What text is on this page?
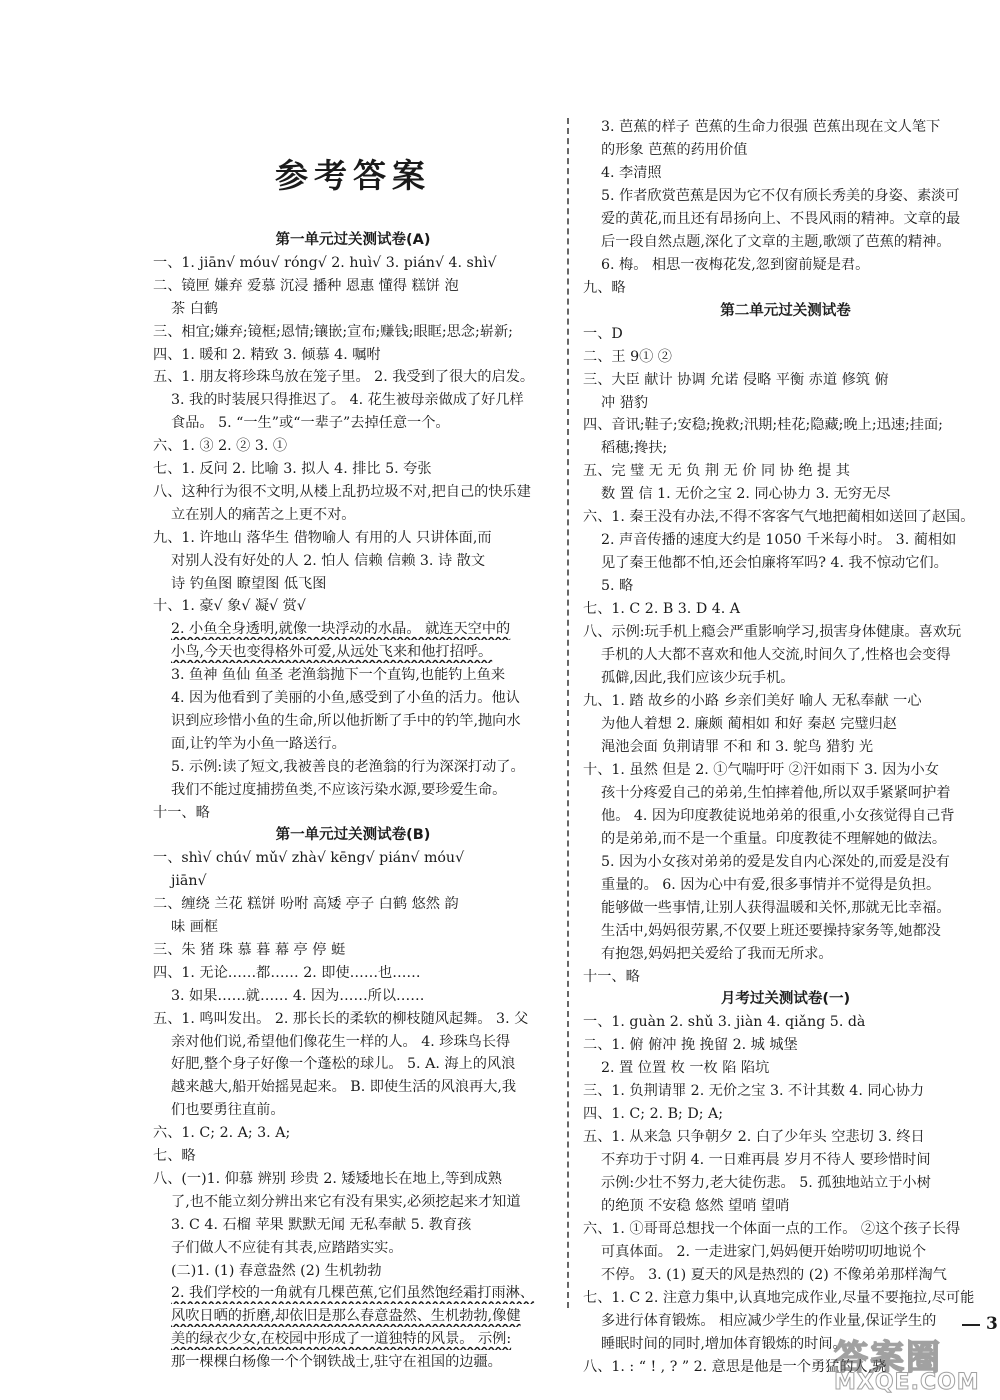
参考答案
第一单元过关测试卷(A)
一、1. jiān√ móu√ róng√ 2. huì√ 3. pián√ 4. shì√
二、镜匣 嫌弃 爱慕 沉浸 播种 恩惠 懂得 糕饼 泡
茶 白鹤
三、相宜;嫌弃;镜框;恩情;镶嵌;宣布;赚钱;眼眶;思念;崭新;
四、1. 暖和 2. 精致 3. 倾慕 4. 嘱咐
五、1. 朋友将珍珠鸟放在笼子里。 2. 我受到了很大的启发。
3. 我的时装展只得推迟了。 4. 花生被母亲做成了好几样
食品。 5. “一生”或“一辈子”去掉任意一个。
六、1. ③ 2. ② 3. ①
七、1. 反问 2. 比喻 3. 拟人 4. 排比 5. 夸张
八、这种行为很不文明,从楼上乱扔垃圾不对,把自己的快乐建
立在别人的痛苦之上更不对。
九、1. 许地山 落华生 借物喻人 有用的人 只讲体面,而
对别人没有好处的人 2. 怕人 信赖 信赖 3. 诗 散文
诗 钓鱼图 瞭望图 低飞图
十、1. 豪√ 象√ 凝√ 赏√
2. 小鱼全身透明,就像一块浮动的水晶。 就连天空中的
小鸟,今天也变得格外可爱,从远处飞来和他打招呼。
3. 鱼神 鱼仙 鱼圣 老渔翁抛下一个直钩,也能钓上鱼来
4. 因为他看到了美丽的小鱼,感受到了小鱼的活力。他认
识到应珍惜小鱼的生命,所以他折断了手中的钓竿,抛向水
面,让钓竿为小鱼一路送行。
5. 示例:读了短文,我被善良的老渔翁的行为深深打动了。
我们不能过度捕捞鱼类,不应该污染水源,要珍爱生命。
十一、略
第一单元过关测试卷(B)
一、shì√ chú√ mǔ√ zhà√ kēng√ pián√ móu√
jiān√
二、缠绕 兰花 糕饼 吩咐 高矮 亭子 白鹤 悠然 韵
味 画框
三、朱 猪 珠 慕 暮 幕 亭 停 蜓
四、1. 无论……都…… 2. 即使……也……
3. 如果……就…… 4. 因为……所以……
五、1. 鸣叫发出。 2. 那长长的柔软的柳枝随风起舞。 3. 父
亲对他们说,希望他们像花生一样的人。 4. 珍珠鸟长得
好肥,整个身子好像一个蓬松的球儿。 5. A. 海上的风浪
越来越大,船开始摇晃起来。 B. 即使生活的风浪再大,我
们也要勇往直前。
六、1. C; 2. A; 3. A;
七、略
八、(一)1. 仰慕 辨别 珍贵 2. 矮矮地长在地上,等到成熟
了,也不能立刻分辨出来它有没有果实,必须挖起来才知道
3. C 4. 石榴 苹果 默默无闻 无私奉献 5. 教育孩
子们做人不应徒有其表,应踏踏实实。
(二)1. (1) 春意盎然 (2) 生机勃勃
2. 我们学校的一角就有几棵芭蕉,它们虽然饱经霜打雨淋、
风吹日晒的折磨,却依旧是那么春意盎然、生机勃勃,像健
美的绿衣少女,在校园中形成了一道独特的风景。 示例:
那一棵棵白杨像一个个钢铁战士,驻守在祖国的边疆。
3. 芭蕉的样子 芭蕉的生命力很强 芭蕉出现在文人笔下
的形象 芭蕉的药用价值
4. 李清照
5. 作者欣赏芭蕉是因为它不仅有颀长秀美的身姿、素淡可
爱的黄花,而且还有昂扬向上、不畏风雨的精神。文章的最
后一段自然点题,深化了文章的主题,歌颂了芭蕉的精神。
6. 梅。 相思一夜梅花发,忽到窗前疑是君。
九、略
第二单元过关测试卷
一、D
二、王 9① ②
三、大臣 献计 协调 允诺 侵略 平衡 赤道 修筑 俯
冲 猎豹
四、音讯;鞋子;安稳;挽救;汛期;桂花;隐藏;晚上;迅速;挂面;
稻穗;搀扶;
五、完 璧 无 无 负 荆 无 价 同 协 绝 提 其
数 置 信 1. 无价之宝 2. 同心协力 3. 无穷无尽
六、1. 秦王没有办法,不得不客客气气地把蔺相如送回了赵国。
2. 声音传播的速度大约是 1050 千米每小时。 3. 蔺相如
见了秦王他都不怕,还会怕廉将军吗? 4. 我不惊动它们。
5. 略
七、1. C 2. B 3. D 4. A
八、示例:玩手机上瘾会严重影响学习,损害身体健康。喜欢玩
手机的人大都不喜欢和他人交流,时间久了,性格也会变得
孤僻,因此,我们应该少玩手机。
九、1. 踏 故乡的小路 乡亲们美好 喻人 无私奉献 一心
为他人着想 2. 廉颇 蔺相如 和好 秦赵 完璧归赵
渑池会面 负荆请罪 不和 和 3. 鸵鸟 猎豹 光
十、1. 虽然 但是 2. ①气喘吁吁 ②汗如雨下 3. 因为小女
孩十分疼爱自己的弟弟,生怕摔着他,所以双手紧紧呵护着
他。 4. 因为印度教徒说地弟弟的很重,小女孩觉得自己背
的是弟弟,而不是一个重量。印度教徒不理解她的做法。
5. 因为小女孩对弟弟的爱是发自内心深处的,而爱是没有
重量的。 6. 因为心中有爱,很多事情并不觉得是负担。
能够做一些事情,让别人获得温暖和关怀,那就无比幸福。
生活中,妈妈很劳累,不仅要上班还要操持家务等,她都没
有抱怨,妈妈把关爱给了我而无所求。
十一、略
月考过关测试卷(一)
一、1. guàn 2. shǔ 3. jiàn 4. qiǎng 5. dà
二、1. 俯 俯冲 挽 挽留 2. 城 城堡
2. 置 位置 枚 一枚 陷 陷坑
三、1. 负荆请罪 2. 无价之宝 3. 不计其数 4. 同心协力
四、1. C; 2. B; D; A;
五、1. 从来急 只争朝夕 2. 白了少年头 空悲切 3. 终日
不弃功于寸阴 4. 一日难再晨 岁月不待人 要珍惜时间
示例:少壮不努力,老大徒伤悲。 5. 孤独地站立于小树
的绝顶 不安稳 悠然 望哨 望哨
六、1. ①哥哥总想找一个体面一点的工作。 ②这个孩子长得
可真体面。 2. 一走进家门,妈妈便开始唠叨叨地说个
不停。 3. (1) 夏天的风是热烈的 (2) 不像弟弟那样淘气
七、1. C 2. 注意力集中,认真地完成作业,尽量不要拖拉,尽可能
多进行体育锻炼。 相应减少学生的作业量,保证学生的
睡眠时间的同时,增加体育锻炼的时间。
八、1. : “ ! , ? ” 2. 意思是他是一个勇猛的人,骁
3
答案圈
MXQE.COM
